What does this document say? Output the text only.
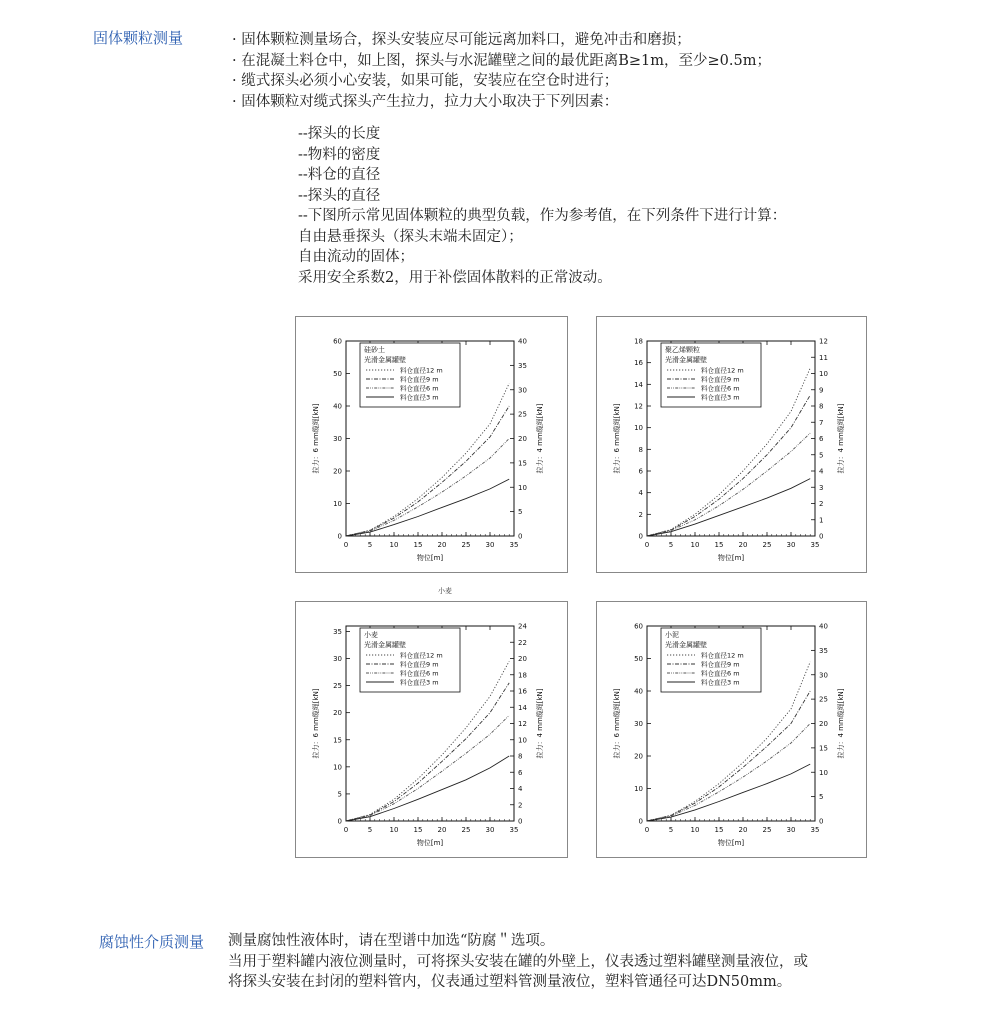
固体颗粒测量	· 固体颗粒测量场合，探头安装应尽可能远离加料口，避免冲击和磨损；
· 在混凝土料仓中，如上图，探头与水泥罐壁之间的最优距离B≥1m，至少≥0.5m；
· 缆式探头必须小心安装，如果可能，安装应在空仓时进行；
· 固体颗粒对缆式探头产生拉力，拉力大小取决于下列因素：
--探头的长度
--物料的密度
--料仓的直径
--探头的直径
--下图所示常见固体颗粒的典型负载，作为参考值，在下列条件下进行计算：
自由悬垂探头（探头末端未固定）；
自由流动的固体；
采用安全系数2，用于补偿固体散料的正常波动。
0	5 10 15 20 25 30 35
0
10
20
30
40
50
60
0
5
10
15
20
25
30
35
40
物位[m]
拉力：6 mm缆绳[kN]	拉力：4 mm缆绳[kN]
硅砂土
光滑金属罐壁
料仓直径12 m
料仓直径9 m
料仓直径6 m
料仓直径3 m
0	5 10 15 20 25 30 35
0
2
4
6
8
10
12
14
16
18
0
1
2
3
4
5
6
7
8
9
10
11
12
物位[m]
拉力：6 mm缆绳[kN]	拉力：4 mm缆绳[kN]
聚乙烯颗粒
光滑金属罐壁
料仓直径12 m
料仓直径9 m
料仓直径6 m
料仓直径3 m
小麦
0	5 10 15 20 25 30 35
0
5
10
15
20
25
30
35
0
2
4
6
8
10
12
14
16
18
20
22
24
物位[m]
拉力：6 mm缆绳[kN]	拉力：4 mm缆绳[kN]
小麦
光滑金属罐壁
料仓直径12 m
料仓直径9 m
料仓直径6 m
料仓直径3 m
0	5 10 15 20 25 30 35
0
10
20
30
40
50
60
0
5
10
15
20
25
30
35
40
物位[m]
拉力：6 mm缆绳[kN]	拉力：4 mm缆绳[kN]
小泥
光滑金属罐壁
料仓直径12 m
料仓直径9 m
料仓直径6 m
料仓直径3 m
腐蚀性介质测量 测量腐蚀性液体时，请在型谱中加选“防腐＂选项。
当用于塑料罐内液位测量时，可将探头安装在罐的外壁上，仪表透过塑料罐壁测量液位，或
将探头安装在封闭的塑料管内，仪表通过塑料管测量液位，塑料管通径可达DN50mm。
